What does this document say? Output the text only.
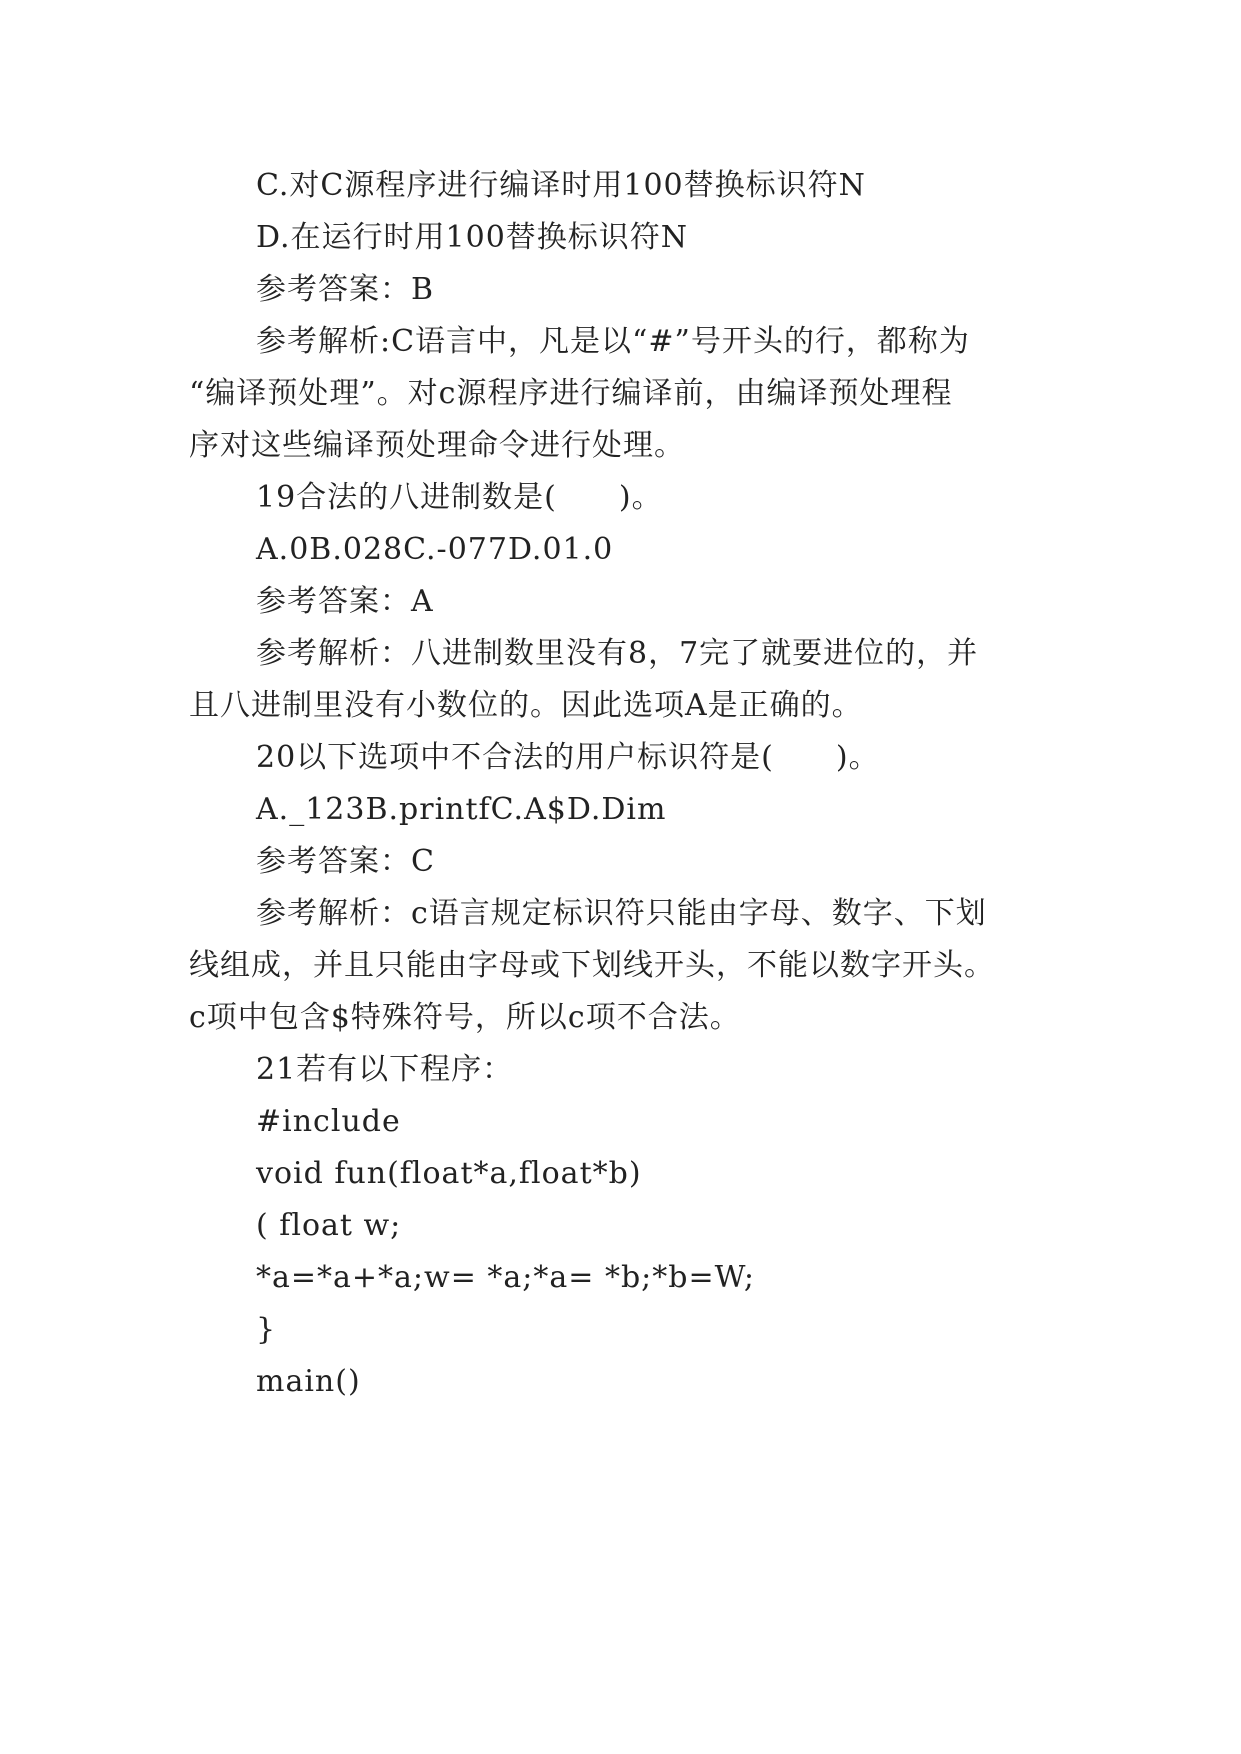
C.对C源程序进行编译时用100替换标识符N
D.在运行时用100替换标识符N
参考答案：B
参考解析:C语言中，凡是以“#”号开头的行，都称为
“编译预处理”。对c源程序进行编译前，由编译预处理程
序对这些编译预处理命令进行处理。
19合法的八进制数是(　　)。
A.0B.028C.-077D.01.0
参考答案：A
参考解析：八进制数里没有8，7完了就要进位的，并
且八进制里没有小数位的。因此选项A是正确的。
20以下选项中不合法的用户标识符是(　　)。
A._123B.printfC.A$D.Dim
参考答案：C
参考解析：c语言规定标识符只能由字母、数字、下划
线组成，并且只能由字母或下划线开头，不能以数字开头。
c项中包含$特殊符号，所以c项不合法。
21若有以下程序：
#include
void fun(float*a,float*b)
( float w;
*a=*a+*a;w= *a;*a= *b;*b=W;
}
main()
